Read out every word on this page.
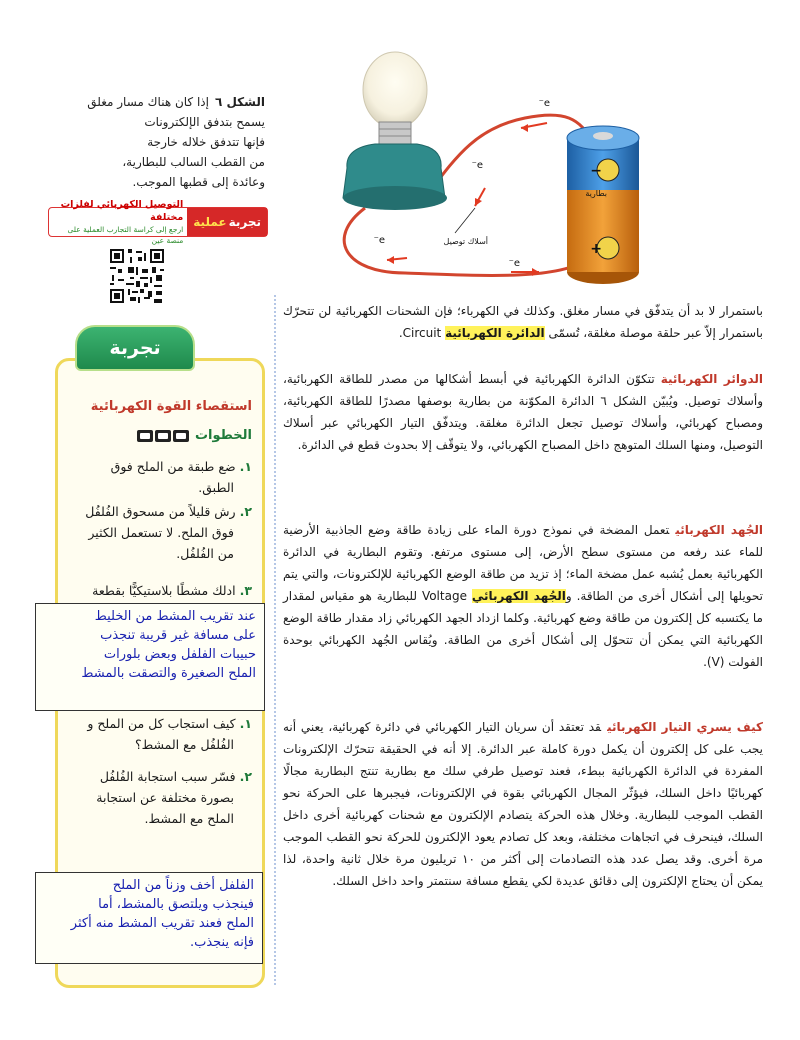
e⁻
e⁻
e⁻
e⁻
أسلاك توصيل
بطارية
−
+
الشكل ٦إذا كان هناك مسار مغلق
يسمح بتدفق الإلكترونات
فإنها تتدفق خلاله خارجة
من القطب السالب للبطارية،
وعائدة إلى قطبها الموجب.
تجربة
عملية
التوصيل الكهربائي لفلزات مختلفة
ارجع إلى كراسة التجارب العملية على منصة عين
تجربة
استقصاء القوة الكهربائية
الخطوات
١.ضع طبقة من الملح فوق
الطبق.
٢.رش قليلاً من مسحوق الفُلفُل
فوق الملح. لا تستعمل الكثير
من الفُلفُل.
٣.ادلك مشطًا بلاستيكيًّا بقطعة
١.كيف استجاب كل من الملح و
الفُلفُل مع المشط؟
٢.فسّر سبب استجابة الفُلفُل
بصورة مختلفة عن استجابة
الملح مع المشط.

عند تقريب المشط من الخليط

على مسافة غير قريبة تنجذب

حبيبات الفلفل وبعض بلورات

الملح الصغيرة والتصقت بالمشط

الفلفل أخف وزناً من الملح

فينجذب ويلتصق بالمشط، أما

الملح فعند تقريب المشط منه أكثر

فإنه ينجذب.

باستمرار لا بد أن يتدفّق في مسار مغلق. وكذلك في الكهرباء؛ فإن الشحنات الكهربائية لن تتحرّك باستمرار إلاّ عبر حلقة موصلة مغلقة، تُسمّى الدائرة الكهربائية Circuit.
الدوائر الكهربائيةتتكوّن الدائرة الكهربائية في أبسط أشكالها من مصدر للطاقة الكهربائية، وأسلاك توصيل. ويُبيّن الشكل ٦ الدائرة المكوّنة من بطارية بوصفها مصدرًا للطاقة الكهربائية، ومصباح كهربائي، وأسلاك توصيل تجعل الدائرة مغلقة. ويتدفّق التيار الكهربائي عبر أسلاك التوصيل، ومنها السلك المتوهج داخل المصباح الكهربائي، ولا يتوقّف إلا بحدوث قطع في الدائرة.
الجُهد الكهربائيتعمل المضخة في نموذج دورة الماء على زيادة طاقة وضع الجاذبية الأرضية للماء عند رفعه من مستوى سطح الأرض، إلى مستوى مرتفع. وتقوم البطارية في الدائرة الكهربائية بعمل يُشبه عمل مضخة الماء؛ إذ تزيد من طاقة الوضع الكهربائية للإلكترونات، والتي يتم تحويلها إلى أشكال أخرى من الطاقة. والجُهد الكهربائي Voltage للبطارية هو مقياس لمقدار ما يكتسبه كل إلكترون من طاقة وضع كهربائية. وكلما ازداد الجهد الكهربائي زاد مقدار طاقة الوضع الكهربائية التي يمكن أن تتحوّل إلى أشكال أخرى من الطاقة. ويُقاس الجُهد الكهربائي بوحدة الفولت (V).
كيف يسري التيار الكهربائيقد تعتقد أن سريان التيار الكهربائي في دائرة كهربائية، يعني أنه يجب على كل إلكترون أن يكمل دورة كاملة عبر الدائرة. إلا أنه في الحقيقة تتحرّك الإلكترونات المفردة في الدائرة الكهربائية ببطء، فعند توصيل طرفي سلك مع بطارية تنتج البطارية مجالًا كهربائيًا داخل السلك، فيؤثّر المجال الكهربائي بقوة في الإلكترونات، فيجبرها على الحركة نحو القطب الموجب للبطارية. وخلال هذه الحركة يتصادم الإلكترون مع شحنات كهربائية أخرى داخل السلك، فينحرف في اتجاهات مختلفة، وبعد كل تصادم يعود الإلكترون للحركة نحو القطب الموجب مرة أخرى. وقد يصل عدد هذه التصادمات إلى أكثر من ١٠ تريليون مرة خلال ثانية واحدة، لذا يمكن أن يحتاج الإلكترون إلى دقائق عديدة لكي يقطع مسافة سنتمتر واحد داخل السلك.
